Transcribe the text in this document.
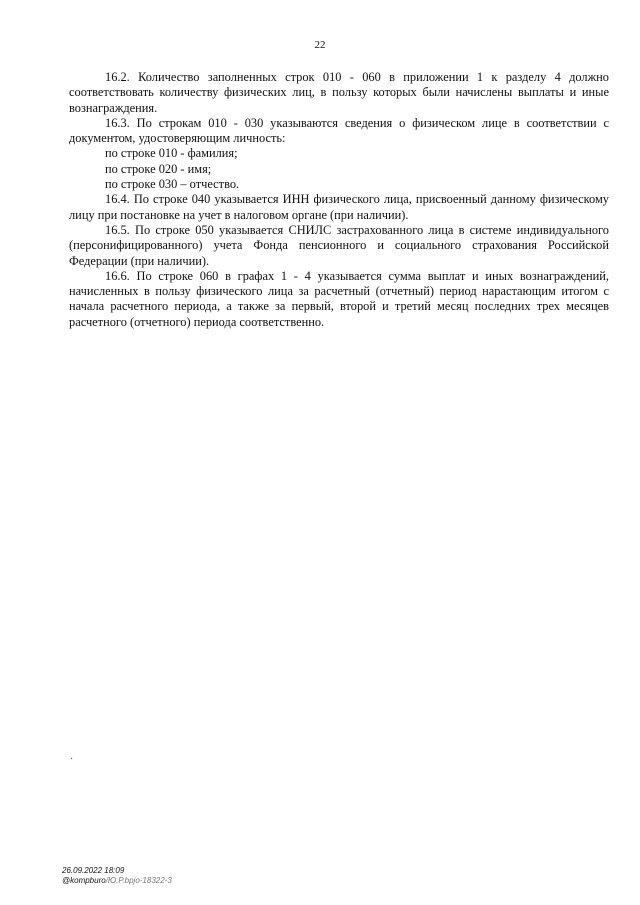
22

16.2. Количество заполненных строк 010 - 060 в приложении 1 к разделу 4 должно соответствовать количеству физических лиц, в пользу которых были начислены выплаты и иные вознаграждения.

16.3. По строкам 010 - 030 указываются сведения о физическом лице в соответствии с документом, удостоверяющим личность:

по строке 010 - фамилия;

по строке 020 - имя;

по строке 030 – отчество.

16.4. По строке 040 указывается ИНН физического лица, присвоенный данному физическому лицу при постановке на учет в налоговом органе (при наличии).

16.5. По строке 050 указывается СНИЛС застрахованного лица в системе индивидуального (персонифицированного) учета Фонда пенсионного и социального страхования Российской Федерации (при наличии).

16.6. По строке 060 в графах 1 - 4 указывается сумма выплат и иных вознаграждений, начисленных в пользу физического лица за расчетный (отчетный) период нарастающим итогом с начала расчетного периода, а также за первый, второй и третий месяц последних трех месяцев расчетного (отчетного) периода соответственно.

·
26.09.2022 18:09
@kompburo/Ю.Р.bpjo-18322-3
